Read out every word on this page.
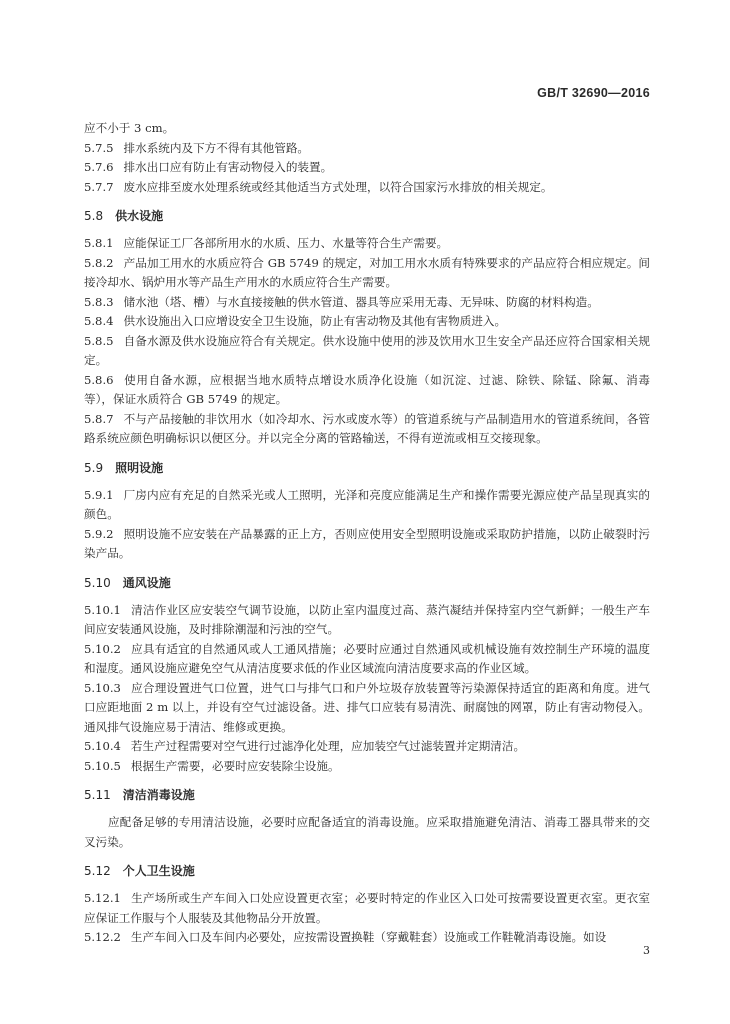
GB/T 32690—2016
应不小于 3 cm。
5.7.5 排水系统内及下方不得有其他管路。
5.7.6 排水出口应有防止有害动物侵入的装置。
5.7.7 废水应排至废水处理系统或经其他适当方式处理，以符合国家污水排放的相关规定。
5.8 供水设施
5.8.1 应能保证工厂各部所用水的水质、压力、水量等符合生产需要。
5.8.2 产品加工用水的水质应符合 GB 5749 的规定，对加工用水水质有特殊要求的产品应符合相应规定。间接冷却水、锅炉用水等产品生产用水的水质应符合生产需要。
5.8.3 储水池（塔、槽）与水直接接触的供水管道、器具等应采用无毒、无异味、防腐的材料构造。
5.8.4 供水设施出入口应增设安全卫生设施，防止有害动物及其他有害物质进入。
5.8.5 自备水源及供水设施应符合有关规定。供水设施中使用的涉及饮用水卫生安全产品还应符合国家相关规定。
5.8.6 使用自备水源，应根据当地水质特点增设水质净化设施（如沉淀、过滤、除铁、除锰、除氟、消毒等），保证水质符合 GB 5749 的规定。
5.8.7 不与产品接触的非饮用水（如冷却水、污水或废水等）的管道系统与产品制造用水的管道系统间，各管路系统应颜色明确标识以便区分。并以完全分离的管路输送，不得有逆流或相互交接现象。
5.9 照明设施
5.9.1 厂房内应有充足的自然采光或人工照明，光泽和亮度应能满足生产和操作需要光源应使产品呈现真实的颜色。
5.9.2 照明设施不应安装在产品暴露的正上方，否则应使用安全型照明设施或采取防护措施，以防止破裂时污染产品。
5.10 通风设施
5.10.1 清洁作业区应安装空气调节设施，以防止室内温度过高、蒸汽凝结并保持室内空气新鲜；一般生产车间应安装通风设施，及时排除潮湿和污浊的空气。
5.10.2 应具有适宜的自然通风或人工通风措施；必要时应通过自然通风或机械设施有效控制生产环境的温度和湿度。通风设施应避免空气从清洁度要求低的作业区域流向清洁度要求高的作业区域。
5.10.3 应合理设置进气口位置，进气口与排气口和户外垃圾存放装置等污染源保持适宜的距离和角度。进气口应距地面 2 m 以上，并设有空气过滤设备。进、排气口应装有易清洗、耐腐蚀的网罩，防止有害动物侵入。通风排气设施应易于清洁、维修或更换。
5.10.4 若生产过程需要对空气进行过滤净化处理，应加装空气过滤装置并定期清洁。
5.10.5 根据生产需要，必要时应安装除尘设施。
5.11 清洁消毒设施
应配备足够的专用清洁设施，必要时应配备适宜的消毒设施。应采取措施避免清洁、消毒工器具带来的交叉污染。
5.12 个人卫生设施
5.12.1 生产场所或生产车间入口处应设置更衣室；必要时特定的作业区入口处可按需要设置更衣室。更衣室应保证工作服与个人服装及其他物品分开放置。
5.12.2 生产车间入口及车间内必要处，应按需设置换鞋（穿戴鞋套）设施或工作鞋靴消毒设施。如设
3
